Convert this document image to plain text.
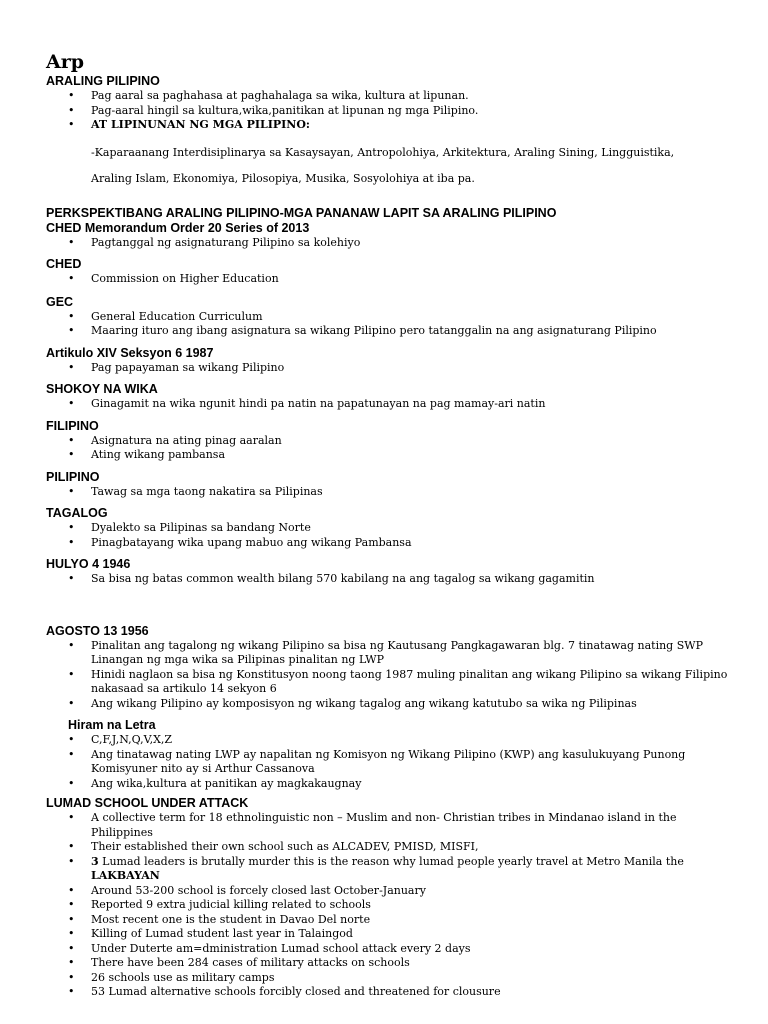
Arp
ARALING PILIPINO
• Pag aaral sa paghahasa at paghahalaga sa wika, kultura at lipunan.
• Pag-aaral hingil sa kultura,wika,panitikan at lipunan ng mga Pilipino.
• AT LIPINUNAN NG MGA PILIPINO:

-Kaparaanang Interdisiplinarya sa Kasaysayan, Antropolohiya, Arkitektura, Araling Sining, Lingguistika,

Araling Islam, Ekonomiya, Pilosopiya, Musika, Sosyolohiya at iba pa.

PERKSPEKTIBANG ARALING PILIPINO-MGA PANANAW LAPIT SA ARALING PILIPINO
CHED Memorandum Order 20 Series of 2013
• Pagtanggal ng asignaturang Pilipino sa kolehiyo
CHED
• Commission on Higher Education
GEC
• General Education Curriculum
• Maaring ituro ang ibang asignatura sa wikang Pilipino pero tatanggalin na ang asignaturang Pilipino
Artikulo XIV Seksyon 6 1987
• Pag papayaman sa wikang Pilipino
SHOKOY NA WIKA
• Ginagamit na wika ngunit hindi pa natin na papatunayan na pag mamay-ari natin
FILIPINO
• Asignatura na ating pinag aaralan
• Ating wikang pambansa
PILIPINO
• Tawag sa mga taong nakatira sa Pilipinas
TAGALOG
• Dyalekto sa Pilipinas sa bandang Norte
• Pinagbatayang wika upang mabuo ang wikang Pambansa
HULYO 4 1946
• Sa bisa ng batas common wealth bilang 570 kabilang na ang tagalog sa wikang gagamitin
AGOSTO 13 1956
• Pinalitan ang tagalong ng wikang Pilipino sa bisa ng Kautusang Pangkagawaran blg. 7 tinatawag nating SWP Linangan ng mga wika sa Pilipinas pinalitan ng LWP
• Hinidi naglaon sa bisa ng Konstitusyon noong taong 1987 muling pinalitan ang wikang Pilipino sa wikang Filipino nakasaad sa artikulo 14 sekyon 6
• Ang wikang Pilipino ay komposisyon ng wikang tagalog ang wikang katutubo sa wika ng Pilipinas
Hiram na Letra
• C,F,J,N,Q,V,X,Z
• Ang tinatawag nating LWP ay napalitan ng Komisyon ng Wikang Pilipino (KWP) ang kasulukuyang Punong Komisyuner nito ay si Arthur Cassanova
• Ang wika,kultura at panitikan ay magkakaugnay
LUMAD SCHOOL UNDER ATTACK
• A collective term for 18 ethnolinguistic non – Muslim and non- Christian tribes in Mindanao island in the Philippines
• Their established their own school such as ALCADEV, PMISD, MISFI,
• 3 Lumad leaders is brutally murder this is the reason why lumad people yearly travel at Metro Manila the LAKBAYAN
• Around 53-200 school is forcely closed last October-January
• Reported 9 extra judicial killing related to schools
• Most recent one is the student in Davao Del norte
• Killing of Lumad student last year in Talaingod
• Under Duterte am=dministration Lumad school attack every 2 days
• There have been 284 cases of military attacks on schools
• 26 schools use as military camps
• 53 Lumad alternative schools forcibly closed and threatened for clousure
